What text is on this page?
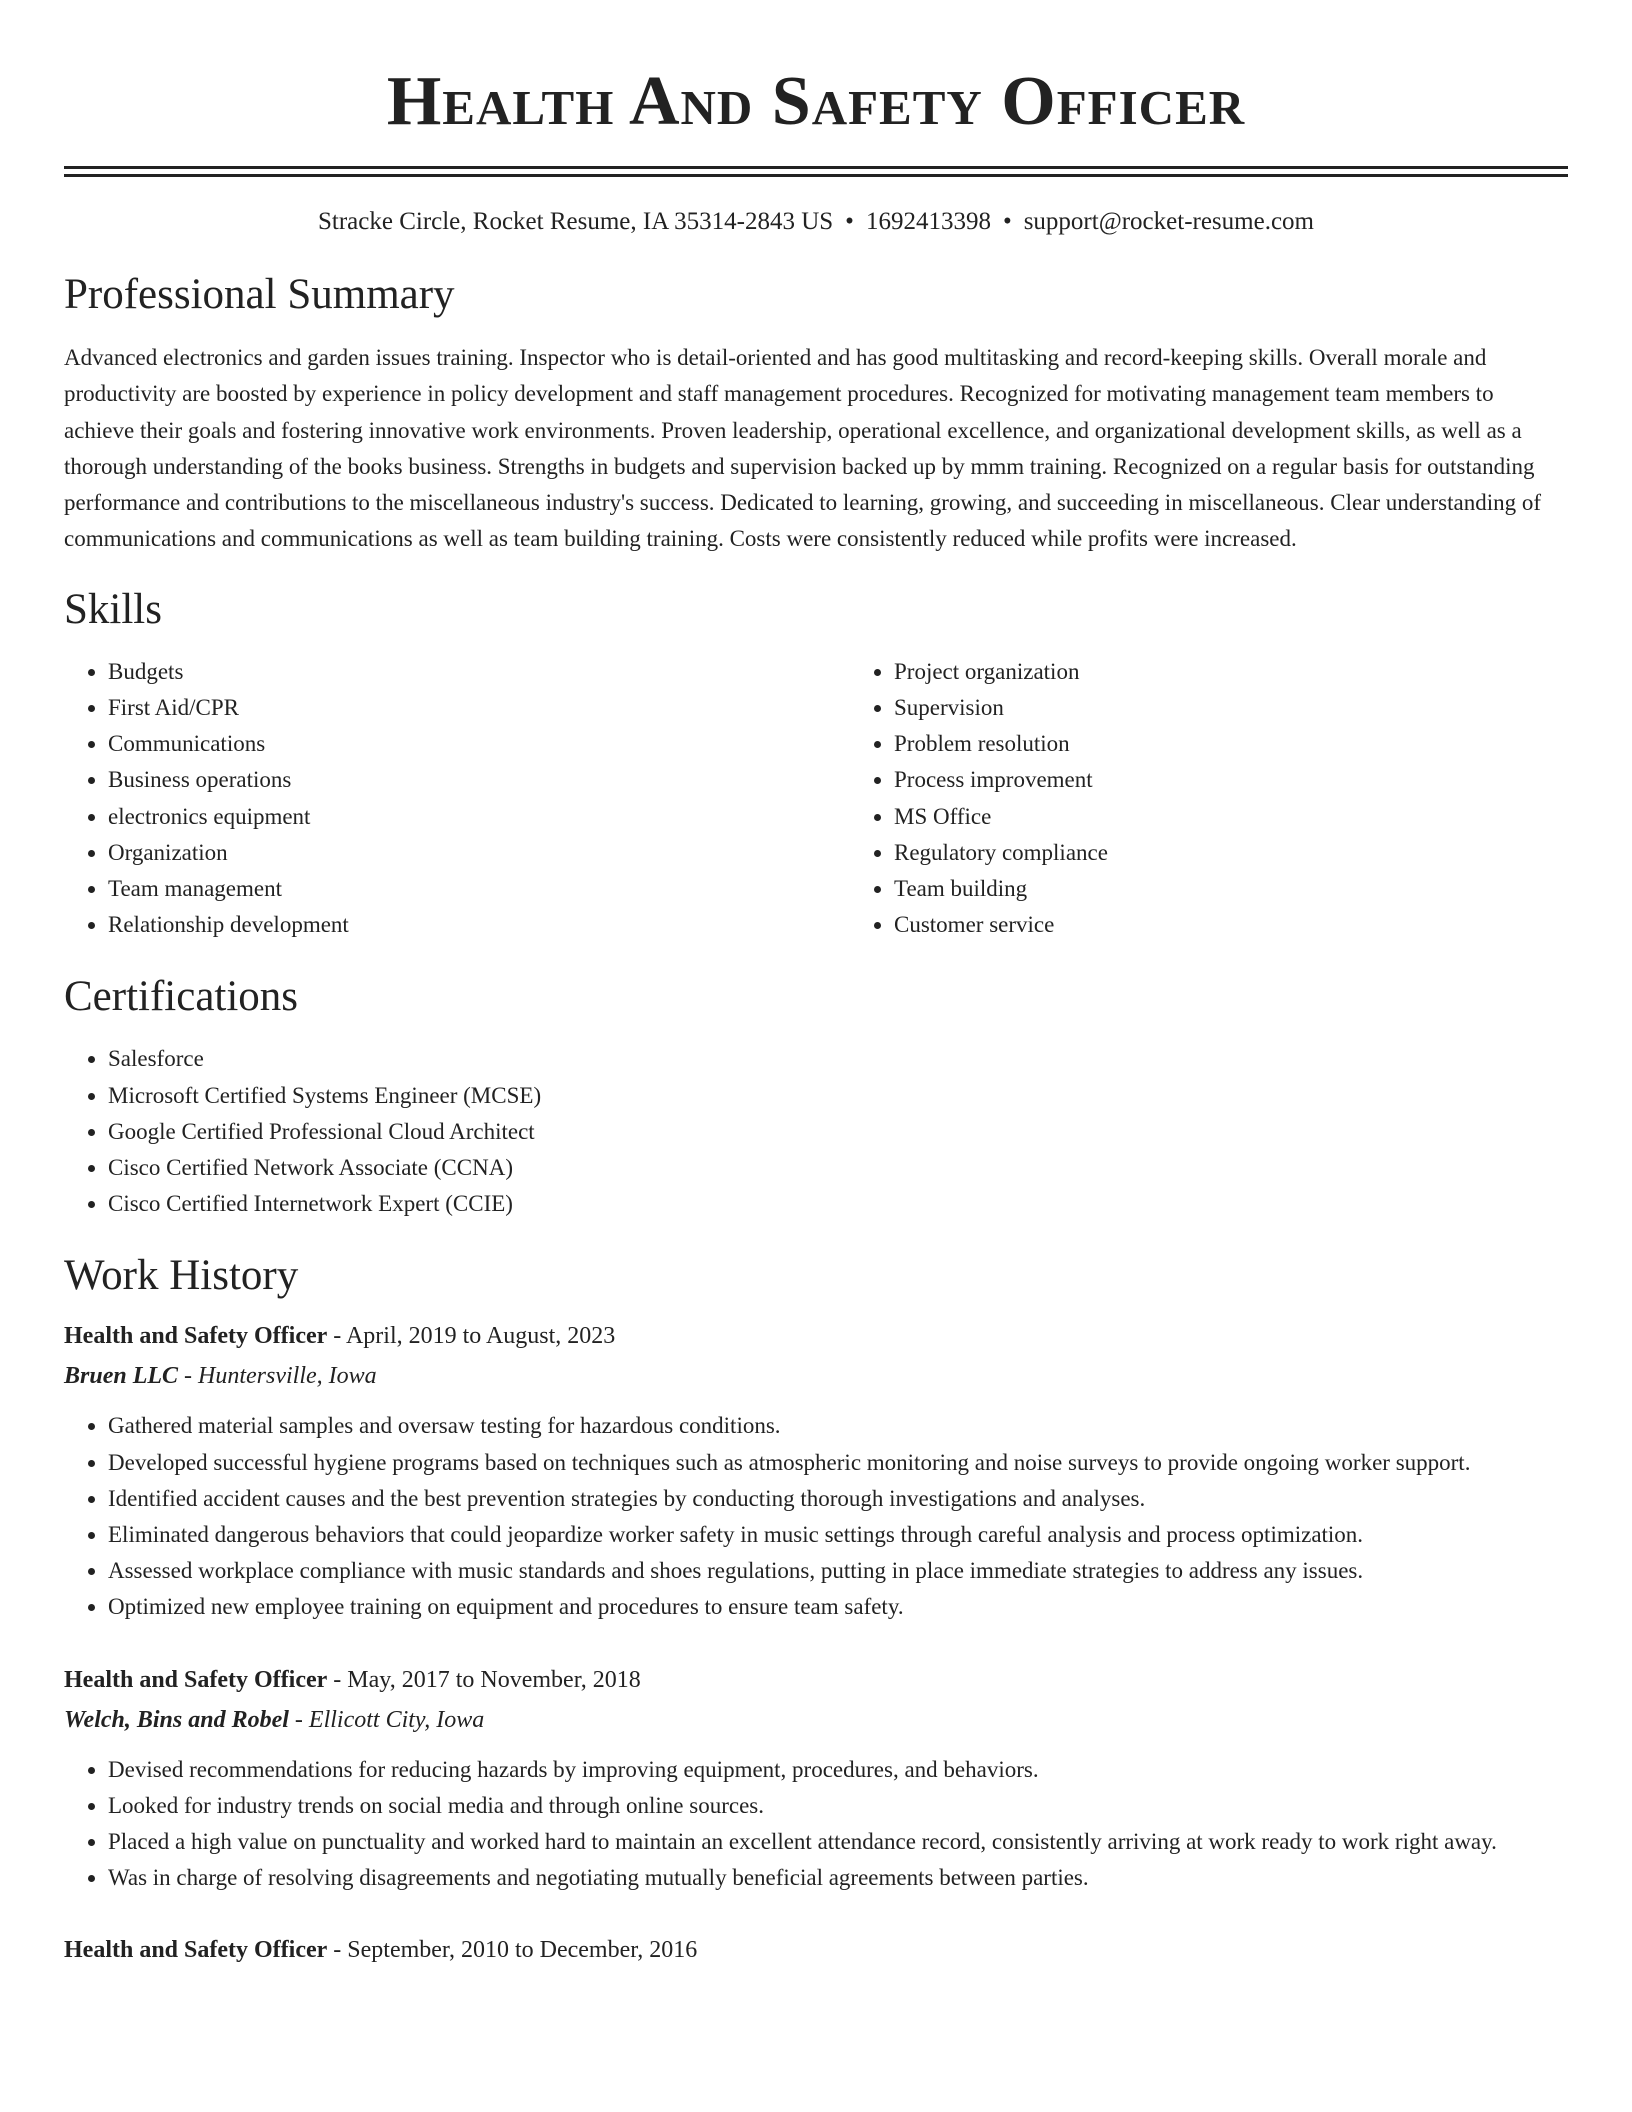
Health And Safety Officer
Stracke Circle, Rocket Resume, IA 35314-2843 US • 1692413398 • support@rocket-resume.com
Professional Summary

Advanced electronics and garden issues training. Inspector who is detail-oriented and has good multitasking and record-keeping skills. Overall morale and productivity are boosted by experience in policy development and staff management procedures. Recognized for motivating management team members to achieve their goals and fostering innovative work environments. Proven leadership, operational excellence, and organizational development skills, as well as a thorough understanding of the books business. Strengths in budgets and supervision backed up by mmm training. Recognized on a regular basis for outstanding performance and contributions to the miscellaneous industry's success. Dedicated to learning, growing, and succeeding in miscellaneous. Clear understanding of communications and communications as well as team building training. Costs were consistently reduced while profits were increased.

Skills
• Budgets
• First Aid/CPR
• Communications
• Business operations
• electronics equipment
• Organization
• Team management
• Relationship development
• Project organization
• Supervision
• Problem resolution
• Process improvement
• MS Office
• Regulatory compliance
• Team building
• Customer service
Certifications
• Salesforce
• Microsoft Certified Systems Engineer (MCSE)
• Google Certified Professional Cloud Architect
• Cisco Certified Network Associate (CCNA)
• Cisco Certified Internetwork Expert (CCIE)
Work History
Health and Safety Officer - April, 2019 to August, 2023
Bruen LLC - Huntersville, Iowa
• Gathered material samples and oversaw testing for hazardous conditions.
• Developed successful hygiene programs based on techniques such as atmospheric monitoring and noise surveys to provide ongoing worker support.
• Identified accident causes and the best prevention strategies by conducting thorough investigations and analyses.
• Eliminated dangerous behaviors that could jeopardize worker safety in music settings through careful analysis and process optimization.
• Assessed workplace compliance with music standards and shoes regulations, putting in place immediate strategies to address any issues.
• Optimized new employee training on equipment and procedures to ensure team safety.
Health and Safety Officer - May, 2017 to November, 2018
Welch, Bins and Robel - Ellicott City, Iowa
• Devised recommendations for reducing hazards by improving equipment, procedures, and behaviors.
• Looked for industry trends on social media and through online sources.
• Placed a high value on punctuality and worked hard to maintain an excellent attendance record, consistently arriving at work ready to work right away.
• Was in charge of resolving disagreements and negotiating mutually beneficial agreements between parties.
Health and Safety Officer - September, 2010 to December, 2016
